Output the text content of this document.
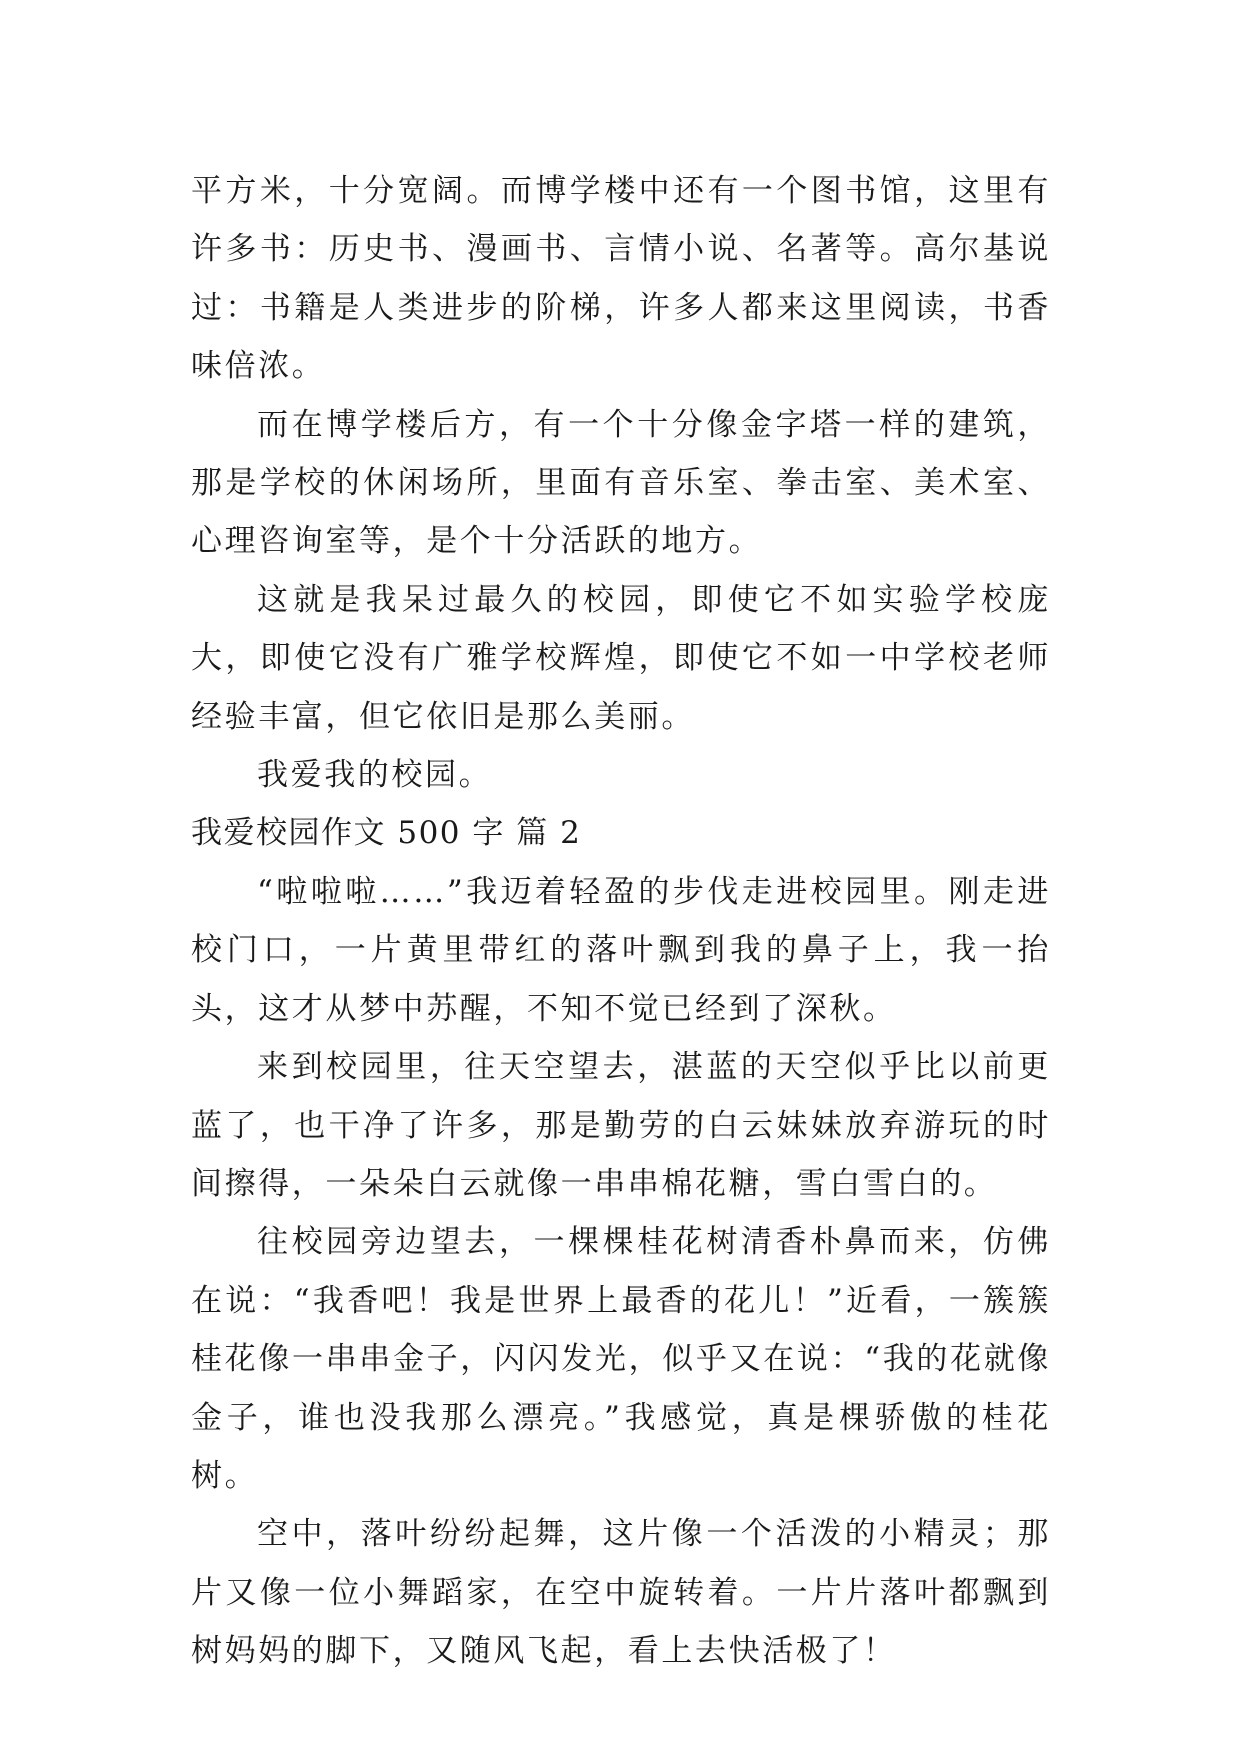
平方米，十分宽阔。而博学楼中还有一个图书馆，这里有许多书：历史书、漫画书、言情小说、名著等。高尔基说过：书籍是人类进步的阶梯，许多人都来这里阅读，书香味倍浓。

而在博学楼后方，有一个十分像金字塔一样的建筑，那是学校的休闲场所，里面有音乐室、拳击室、美术室、心理咨询室等，是个十分活跃的地方。

这就是我呆过最久的校园，即使它不如实验学校庞大，即使它没有广雅学校辉煌，即使它不如一中学校老师经验丰富，但它依旧是那么美丽。

我爱我的校园。

我爱校园作文 500 字 篇 2

“啦啦啦……”我迈着轻盈的步伐走进校园里。刚走进校门口，一片黄里带红的落叶飘到我的鼻子上，我一抬头，这才从梦中苏醒，不知不觉已经到了深秋。

来到校园里，往天空望去，湛蓝的天空似乎比以前更蓝了，也干净了许多，那是勤劳的白云妹妹放弃游玩的时间擦得，一朵朵白云就像一串串棉花糖，雪白雪白的。

往校园旁边望去，一棵棵桂花树清香朴鼻而来，仿佛在说：“我香吧！我是世界上最香的花儿！”近看，一簇簇桂花像一串串金子，闪闪发光，似乎又在说：“我的花就像金子，谁也没我那么漂亮。”我感觉，真是棵骄傲的桂花树。

空中，落叶纷纷起舞，这片像一个活泼的小精灵；那片又像一位小舞蹈家，在空中旋转着。一片片落叶都飘到树妈妈的脚下，又随风飞起，看上去快活极了！
